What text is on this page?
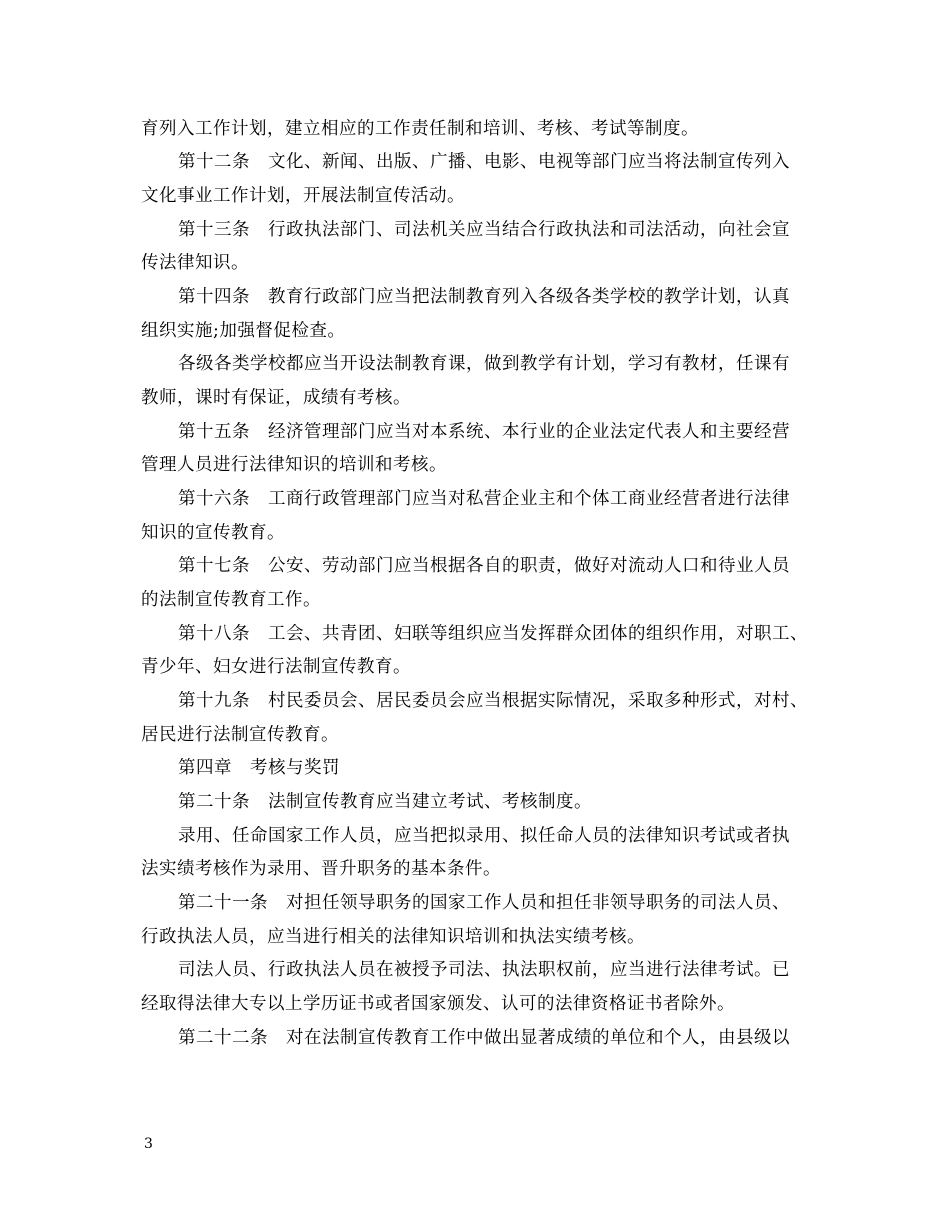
育列入工作计划，建立相应的工作责任制和培训、考核、考试等制度。
第十二条　文化、新闻、出版、广播、电影、电视等部门应当将法制宣传列入
文化事业工作计划，开展法制宣传活动。
第十三条　行政执法部门、司法机关应当结合行政执法和司法活动，向社会宣
传法律知识。
第十四条　教育行政部门应当把法制教育列入各级各类学校的教学计划，认真
组织实施;加强督促检查。
各级各类学校都应当开设法制教育课，做到教学有计划，学习有教材，任课有
教师，课时有保证，成绩有考核。
第十五条　经济管理部门应当对本系统、本行业的企业法定代表人和主要经营
管理人员进行法律知识的培训和考核。
第十六条　工商行政管理部门应当对私营企业主和个体工商业经营者进行法律
知识的宣传教育。
第十七条　公安、劳动部门应当根据各自的职责，做好对流动人口和待业人员
的法制宣传教育工作。
第十八条　工会、共青团、妇联等组织应当发挥群众团体的组织作用，对职工、
青少年、妇女进行法制宣传教育。
第十九条　村民委员会、居民委员会应当根据实际情况，采取多种形式，对村、
居民进行法制宣传教育。
第四章　考核与奖罚
第二十条　法制宣传教育应当建立考试、考核制度。
录用、任命国家工作人员，应当把拟录用、拟任命人员的法律知识考试或者执
法实绩考核作为录用、晋升职务的基本条件。
第二十一条　对担任领导职务的国家工作人员和担任非领导职务的司法人员、
行政执法人员，应当进行相关的法律知识培训和执法实绩考核。
司法人员、行政执法人员在被授予司法、执法职权前，应当进行法律考试。已
经取得法律大专以上学历证书或者国家颁发、认可的法律资格证书者除外。
第二十二条　对在法制宣传教育工作中做出显著成绩的单位和个人，由县级以
3
